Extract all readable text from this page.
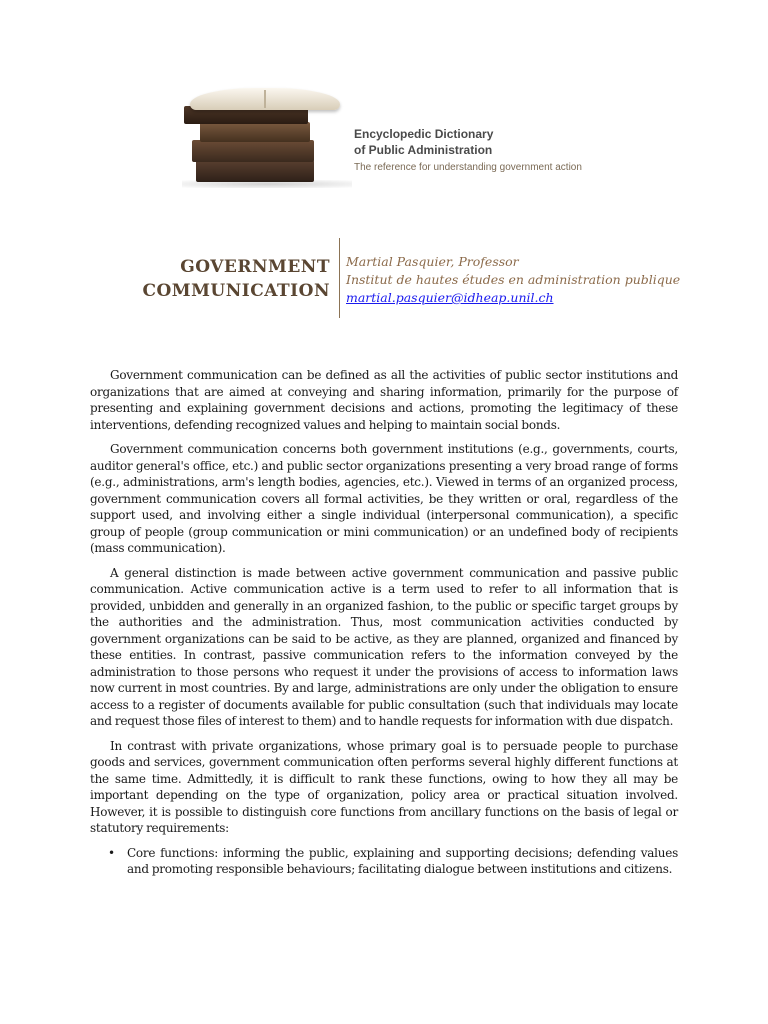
Encyclopedic Dictionary
of Public Administration
The reference for understanding government action
GOVERNMENT
COMMUNICATION
Martial Pasquier, Professor
Institut de hautes études en administration publique
martial.pasquier@idheap.unil.ch

Government communication can be defined as all the activities of public sector institutions and organizations that are aimed at conveying and sharing information, primarily for the purpose of presenting and explaining government decisions and actions, promoting the legitimacy of these interventions, defending recognized values and helping to maintain social bonds.

Government communication concerns both government institutions (e.g., governments, courts, auditor general's office, etc.) and public sector organizations presenting a very broad range of forms (e.g., administrations, arm's length bodies, agencies, etc.). Viewed in terms of an organized process, government communication covers all formal activities, be they written or oral, regardless of the support used, and involving either a single individual (interpersonal communication), a specific group of people (group communication or mini communication) or an undefined body of recipients (mass communication).

A general distinction is made between active government communication and passive public communication. Active communication active is a term used to refer to all information that is provided, unbidden and generally in an organized fashion, to the public or specific target groups by the authorities and the administration. Thus, most communication activities conducted by government organizations can be said to be active, as they are planned, organized and financed by these entities. In contrast, passive communication refers to the information conveyed by the administration to those persons who request it under the provisions of access to information laws now current in most countries. By and large, administrations are only under the obligation to ensure access to a register of documents available for public consultation (such that individuals may locate and request those files of interest to them) and to handle requests for information with due dispatch.

In contrast with private organizations, whose primary goal is to persuade people to purchase goods and services, government communication often performs several highly different functions at the same time. Admittedly, it is difficult to rank these functions, owing to how they all may be important depending on the type of organization, policy area or practical situation involved. However, it is possible to distinguish core functions from ancillary functions on the basis of legal or statutory requirements:

• Core functions: informing the public, explaining and supporting decisions; defending values and promoting responsible behaviours; facilitating dialogue between institutions and citizens.
